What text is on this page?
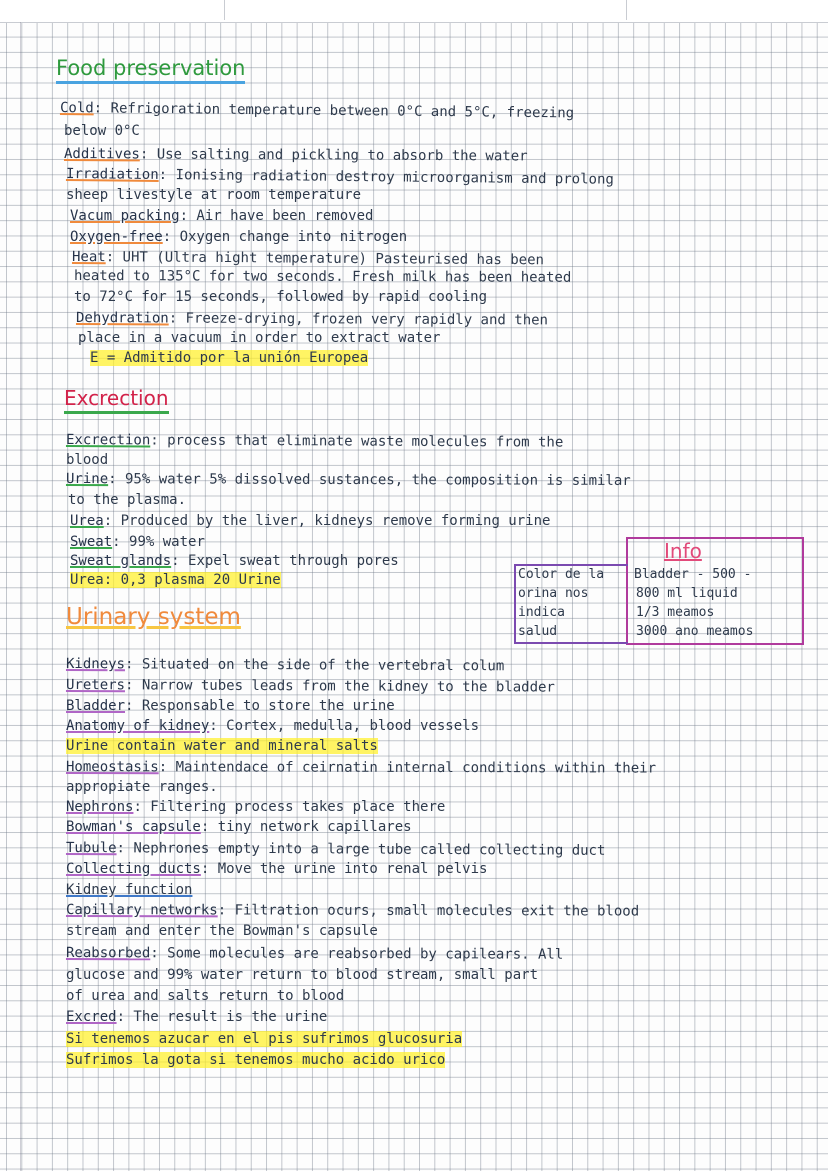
Food preservation
Cold: Refrigoration temperature between 0°C and 5°C, freezing
below 0°C
Additives: Use salting and pickling to absorb the water
Irradiation: Ionising radiation destroy microorganism and prolong
sheep livestyle at room temperature
Vacum packing: Air have been removed
Oxygen-free: Oxygen change into nitrogen
Heat: UHT (Ultra hight temperature) Pasteurised has been
heated to 135°C for two seconds. Fresh milk has been heated
to 72°C for 15 seconds, followed by rapid cooling
Dehydration: Freeze-drying, frozen very rapidly and then
place in a vacuum in order to extract water
E = Admitido por la unión Europea
Excrection
Excrection: process that eliminate waste molecules from the
blood
Urine: 95% water 5% dissolved sustances, the composition is similar
to the plasma.
Urea: Produced by the liver, kidneys remove forming urine
Sweat: 99% water
Sweat glands: Expel sweat through pores
Urea: 0,3 plasma 20 Urine
Info
Color de la
orina nos
indica
salud
Bladder - 500 -
800 ml liquid
1/3 meamos
3000 ano meamos
Urinary system
Kidneys: Situated on the side of the vertebral colum
Ureters: Narrow tubes leads from the kidney to the bladder
Bladder: Responsable to store the urine
Anatomy of kidney: Cortex, medulla, blood vessels
Urine contain water and mineral salts
Homeostasis: Maintendace of ceirnatin internal conditions within their
appropiate ranges.
Nephrons: Filtering process takes place there
Bowman's capsule: tiny network capillares
Tubule: Nephrones empty into a large tube called collecting duct
Collecting ducts: Move the urine into renal pelvis
Kidney function
Capillary networks: Filtration ocurs, small molecules exit the blood
stream and enter the Bowman's capsule
Reabsorbed: Some molecules are reabsorbed by capilears. All
glucose and 99% water return to blood stream, small part
of urea and salts return to blood
Excred: The result is the urine
Si tenemos azucar en el pis sufrimos glucosuria
Sufrimos la gota si tenemos mucho acido urico
